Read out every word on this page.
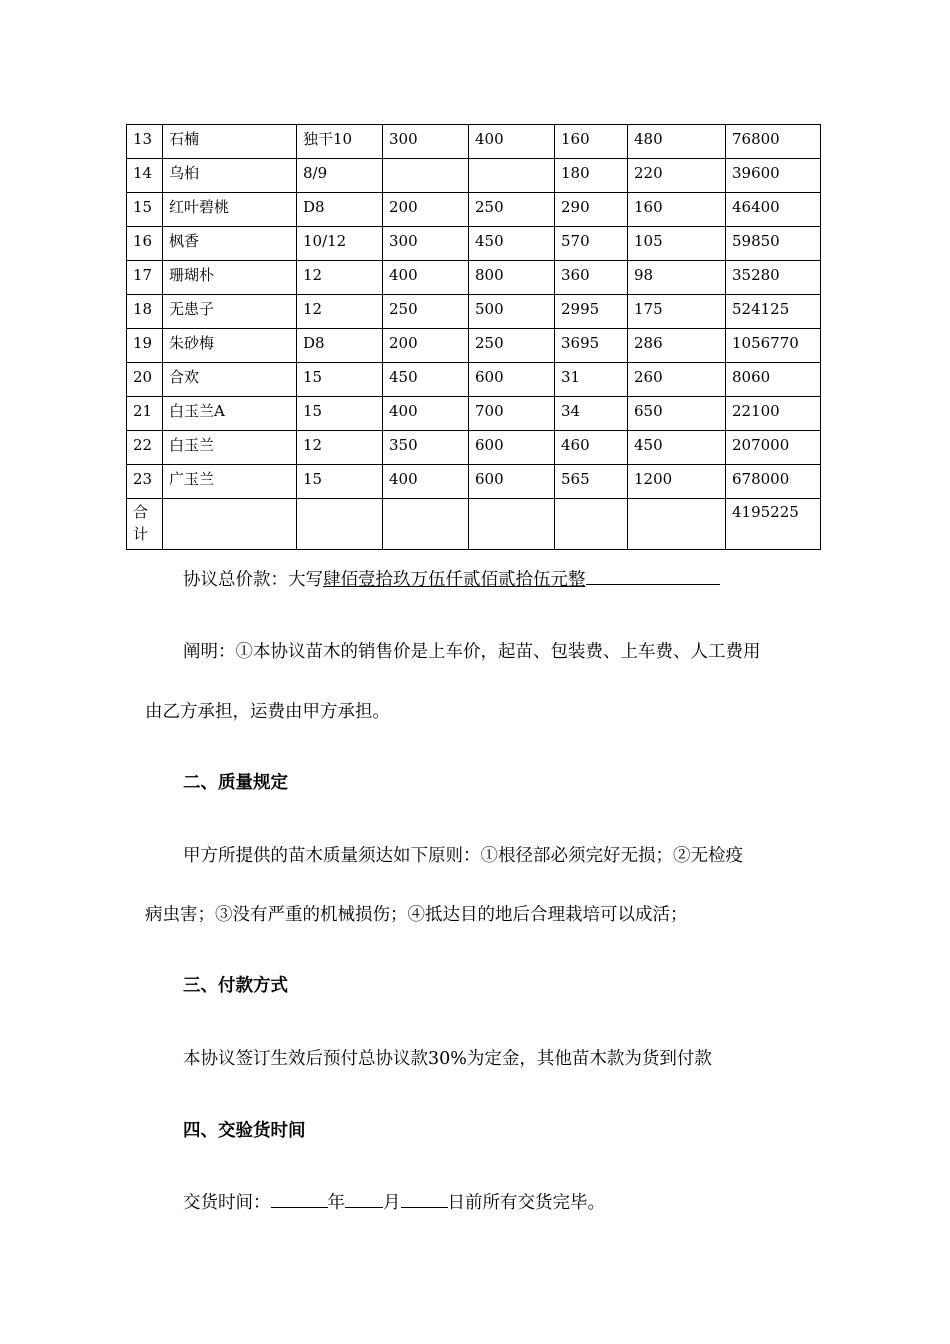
13	石楠	独干10	300	400	160	480	76800
14	乌桕	8/9			180	220	39600
15	红叶碧桃	D8	200	250	290	160	46400
16	枫香	10/12	300	450	570	105	59850
17	珊瑚朴	12	400	800	360	98	35280
18	无患子	12	250	500	2995	175	524125
19	朱砂梅	D8	200	250	3695	286	1056770
20	合欢	15	450	600	31	260	8060
21	白玉兰A	15	400	700	34	650	22100
22	白玉兰	12	350	600	460	450	207000
23	广玉兰	15	400	600	565	1200	678000
合
计							4195225
协议总价款：大写肆佰壹拾玖万伍仟贰佰贰拾伍元整
阐明：①本协议苗木的销售价是上车价，起苗、包装费、上车费、人工费用
由乙方承担，运费由甲方承担。
二、质量规定
甲方所提供的苗木质量须达如下原则：①根径部必须完好无损；②无检疫
病虫害；③没有严重的机械损伤；④抵达目的地后合理栽培可以成活；
三、付款方式
本协议签订生效后预付总协议款30%为定金，其他苗木款为货到付款
四、交验货时间
交货时间：	年 月	日前所有交货完毕。
